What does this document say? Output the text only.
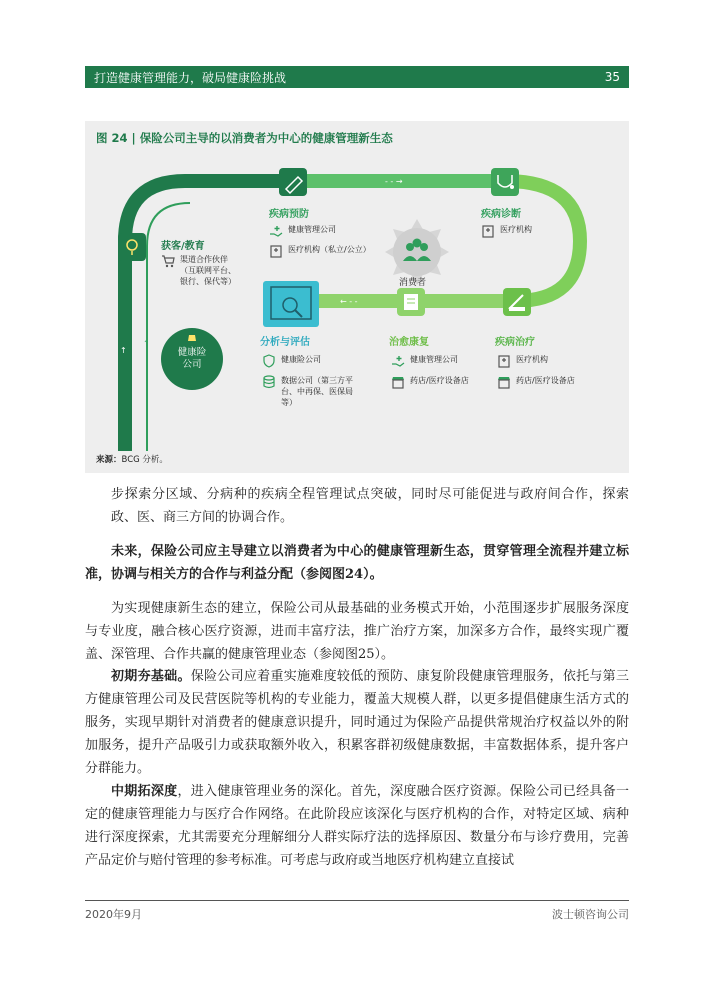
打造健康管理能力，破局健康险挑战	35
图 24 | 保险公司主导的以消费者为中心的健康管理新生态
- - →
← - -
↑
↑
消费者
健康险
公司
获客/教育
疾病预防	疾病诊断
分析与评估	治愈康复	疾病治疗
渠道合作伙伴（互联网平台、银行、保代等）
健康管理公司
医疗机构（私立/公立）
医疗机构
健康险公司
数据公司（第三方平台、中再保、医保局等）
健康管理公司
药店/医疗设备店
医疗机构
药店/医疗设备店
来源：BCG 分析。

步探索分区域、分病种的疾病全程管理试点突破，同时尽可能促进与政府间合作，探索政、医、商三方间的协调合作。

未来，保险公司应主导建立以消费者为中心的健康管理新生态，贯穿管理全流程并建立标准，协调与相关方的合作与利益分配（参阅图24）。

为实现健康新生态的建立，保险公司从最基础的业务模式开始，小范围逐步扩展服务深度与专业度，融合核心医疗资源，进而丰富疗法，推广治疗方案，加深多方合作，最终实现广覆盖、深管理、合作共赢的健康管理业态（参阅图25）。

初期夯基础。保险公司应着重实施难度较低的预防、康复阶段健康管理服务，依托与第三方健康管理公司及民营医院等机构的专业能力，覆盖大规模人群，以更多提倡健康生活方式的服务，实现早期针对消费者的健康意识提升，同时通过为保险产品提供常规治疗权益以外的附加服务，提升产品吸引力或获取额外收入，积累客群初级健康数据，丰富数据体系，提升客户分群能力。

中期拓深度，进入健康管理业务的深化。首先，深度融合医疗资源。保险公司已经具备一定的健康管理能力与医疗合作网络。在此阶段应该深化与医疗机构的合作，对特定区域、病种进行深度探索，尤其需要充分理解细分人群实际疗法的选择原因、数量分布与诊疗费用，完善产品定价与赔付管理的参考标准。可考虑与政府或当地医疗机构建立直接试

2020年9月	波士顿咨询公司
